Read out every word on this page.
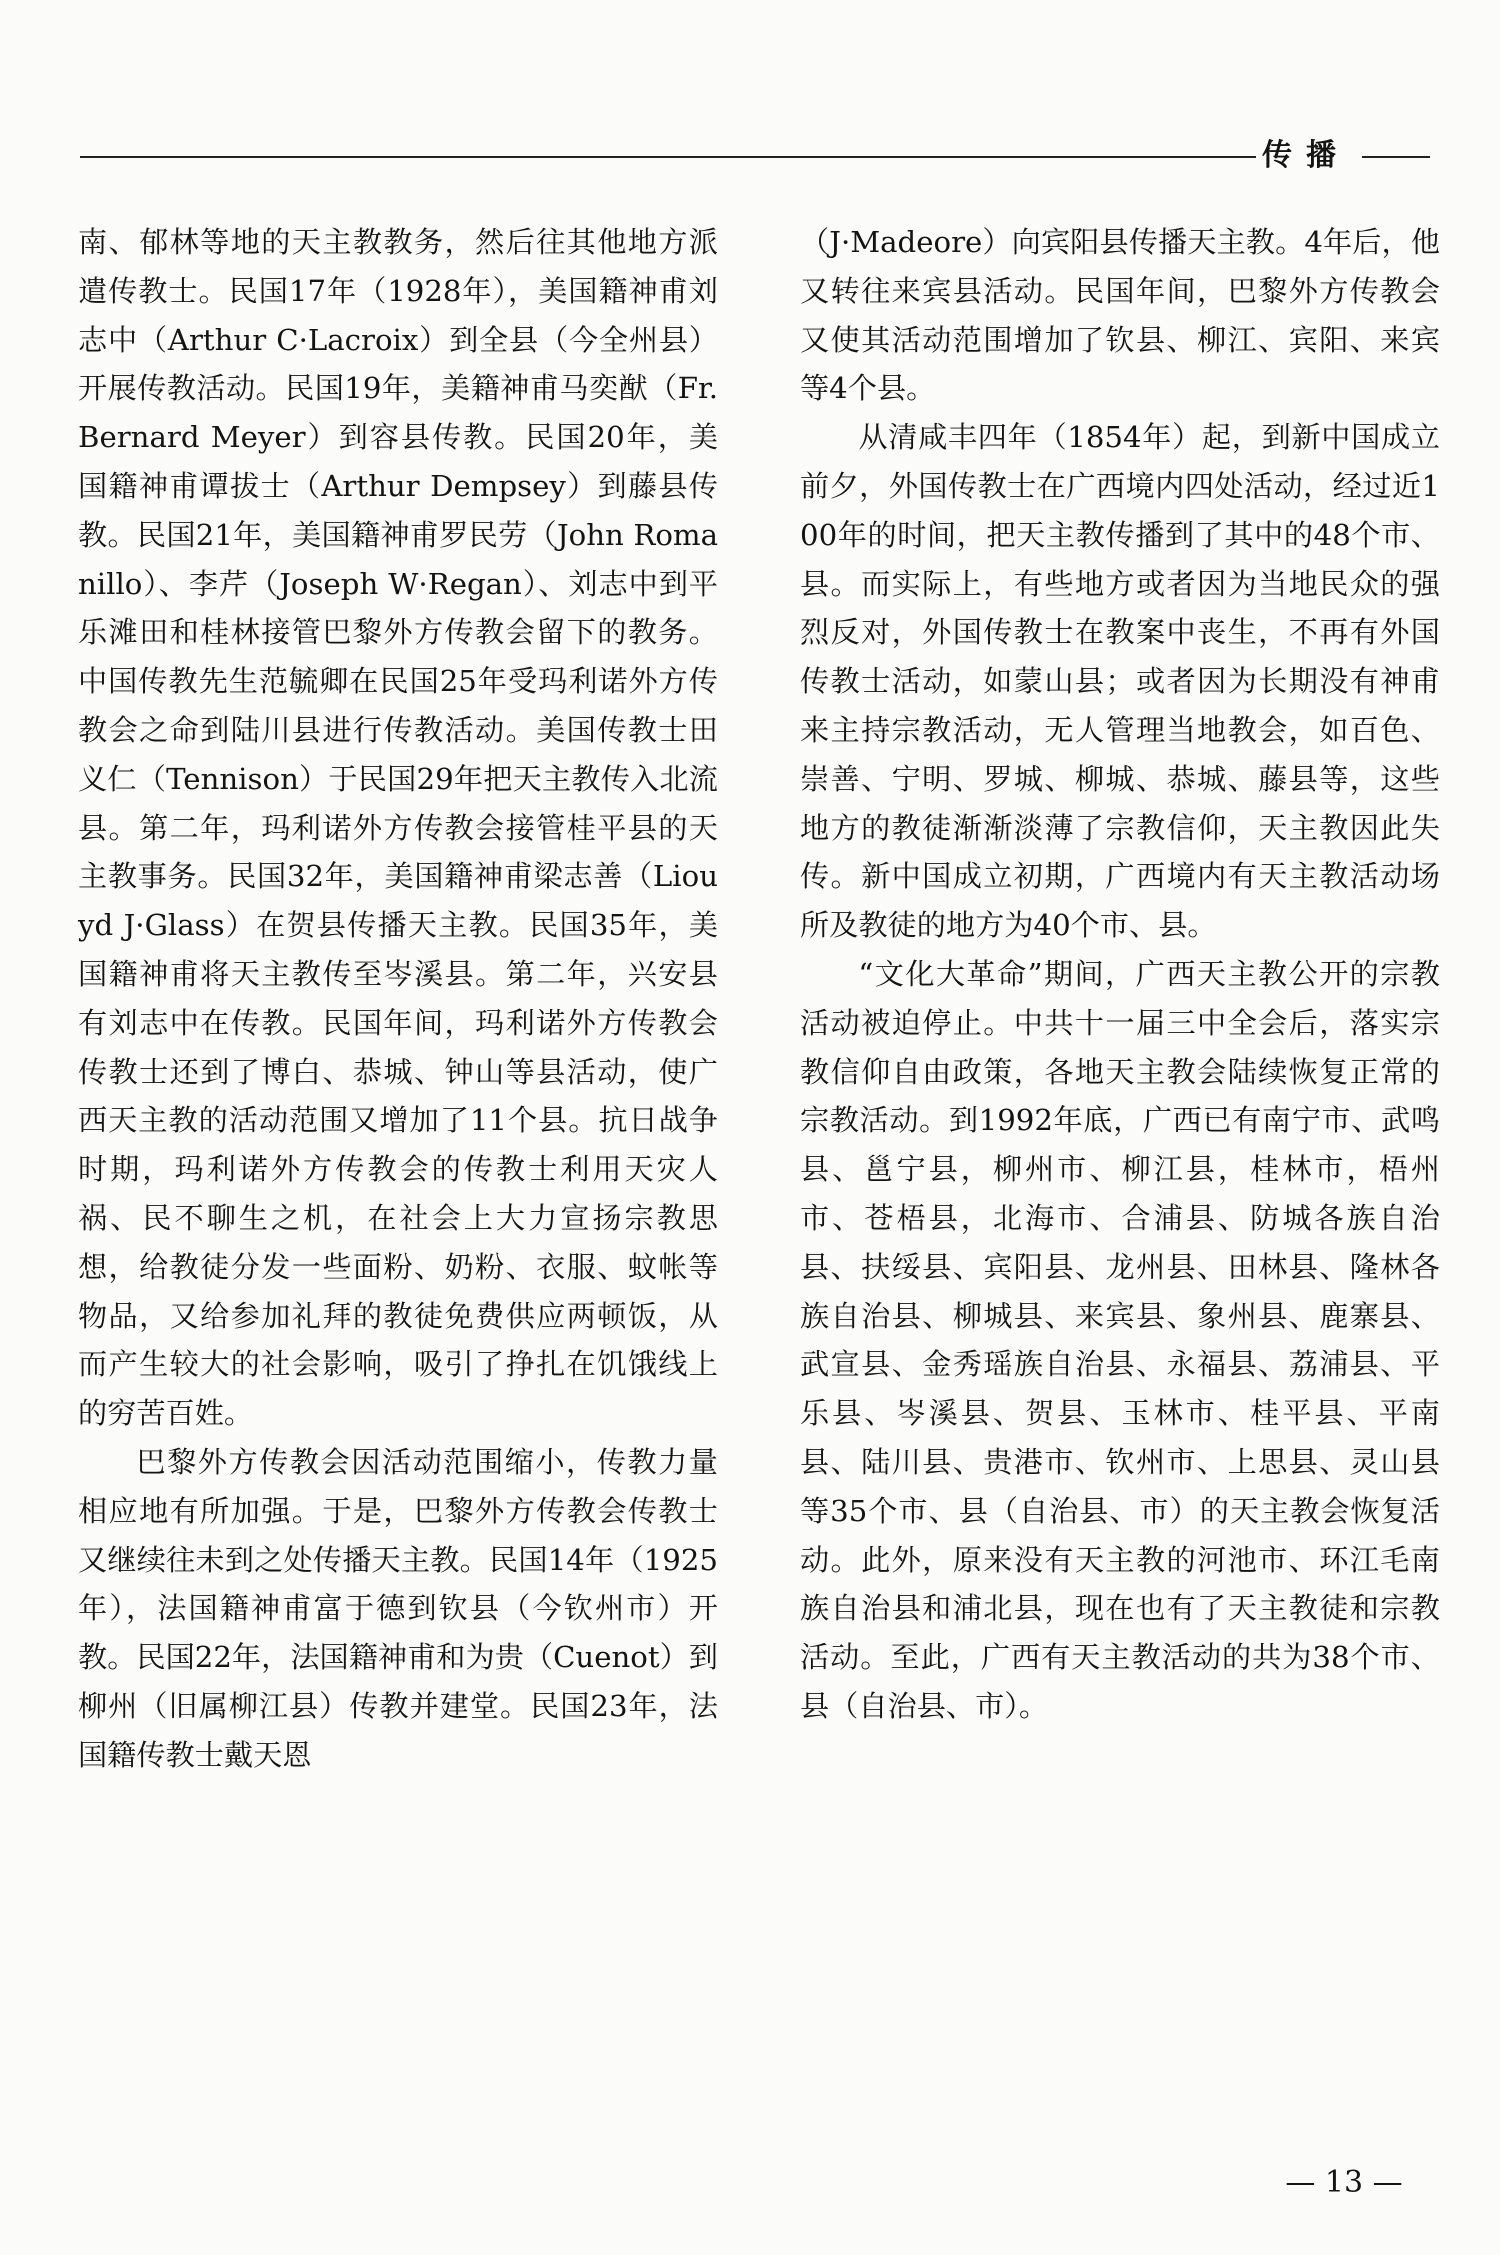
传播

南、郁林等地的天主教教务，然后往其他地方派遣传教士。民国17年（1928年），美国籍神甫刘志中（Arthur C·Lacroix）到全县（今全州县）开展传教活动。民国19年，美籍神甫马奕猷（Fr. Bernard Meyer）到容县传教。民国20年，美国籍神甫谭拔士（Arthur Dempsey）到藤县传教。民国21年，美国籍神甫罗民劳（John Romanillo）、李芹（Joseph W·Regan）、刘志中到平乐滩田和桂林接管巴黎外方传教会留下的教务。中国传教先生范毓卿在民国25年受玛利诺外方传教会之命到陆川县进行传教活动。美国传教士田义仁（Tennison）于民国29年把天主教传入北流县。第二年，玛利诺外方传教会接管桂平县的天主教事务。民国32年，美国籍神甫梁志善（Liouyd J·Glass）在贺县传播天主教。民国35年，美国籍神甫将天主教传至岑溪县。第二年，兴安县有刘志中在传教。民国年间，玛利诺外方传教会传教士还到了博白、恭城、钟山等县活动，使广西天主教的活动范围又增加了11个县。抗日战争时期，玛利诺外方传教会的传教士利用天灾人祸、民不聊生之机，在社会上大力宣扬宗教思想，给教徒分发一些面粉、奶粉、衣服、蚊帐等物品，又给参加礼拜的教徒免费供应两顿饭，从而产生较大的社会影响，吸引了挣扎在饥饿线上的穷苦百姓。

巴黎外方传教会因活动范围缩小，传教力量相应地有所加强。于是，巴黎外方传教会传教士又继续往未到之处传播天主教。民国14年（1925年），法国籍神甫富于德到钦县（今钦州市）开教。民国22年，法国籍神甫和为贵（Cuenot）到柳州（旧属柳江县）传教并建堂。民国23年，法国籍传教士戴天恩

（J·Madeore）向宾阳县传播天主教。4年后，他又转往来宾县活动。民国年间，巴黎外方传教会又使其活动范围增加了钦县、柳江、宾阳、来宾等4个县。

从清咸丰四年（1854年）起，到新中国成立前夕，外国传教士在广西境内四处活动，经过近100年的时间，把天主教传播到了其中的48个市、县。而实际上，有些地方或者因为当地民众的强烈反对，外国传教士在教案中丧生，不再有外国传教士活动，如蒙山县；或者因为长期没有神甫来主持宗教活动，无人管理当地教会，如百色、崇善、宁明、罗城、柳城、恭城、藤县等，这些地方的教徒渐渐淡薄了宗教信仰，天主教因此失传。新中国成立初期，广西境内有天主教活动场所及教徒的地方为40个市、县。

“文化大革命”期间，广西天主教公开的宗教活动被迫停止。中共十一届三中全会后，落实宗教信仰自由政策，各地天主教会陆续恢复正常的宗教活动。到1992年底，广西已有南宁市、武鸣县、邕宁县，柳州市、柳江县，桂林市，梧州市、苍梧县，北海市、合浦县、防城各族自治县、扶绥县、宾阳县、龙州县、田林县、隆林各族自治县、柳城县、来宾县、象州县、鹿寨县、武宣县、金秀瑶族自治县、永福县、荔浦县、平乐县、岑溪县、贺县、玉林市、桂平县、平南县、陆川县、贵港市、钦州市、上思县、灵山县等35个市、县（自治县、市）的天主教会恢复活动。此外，原来没有天主教的河池市、环江毛南族自治县和浦北县，现在也有了天主教徒和宗教活动。至此，广西有天主教活动的共为38个市、县（自治县、市）。

— 13 —
